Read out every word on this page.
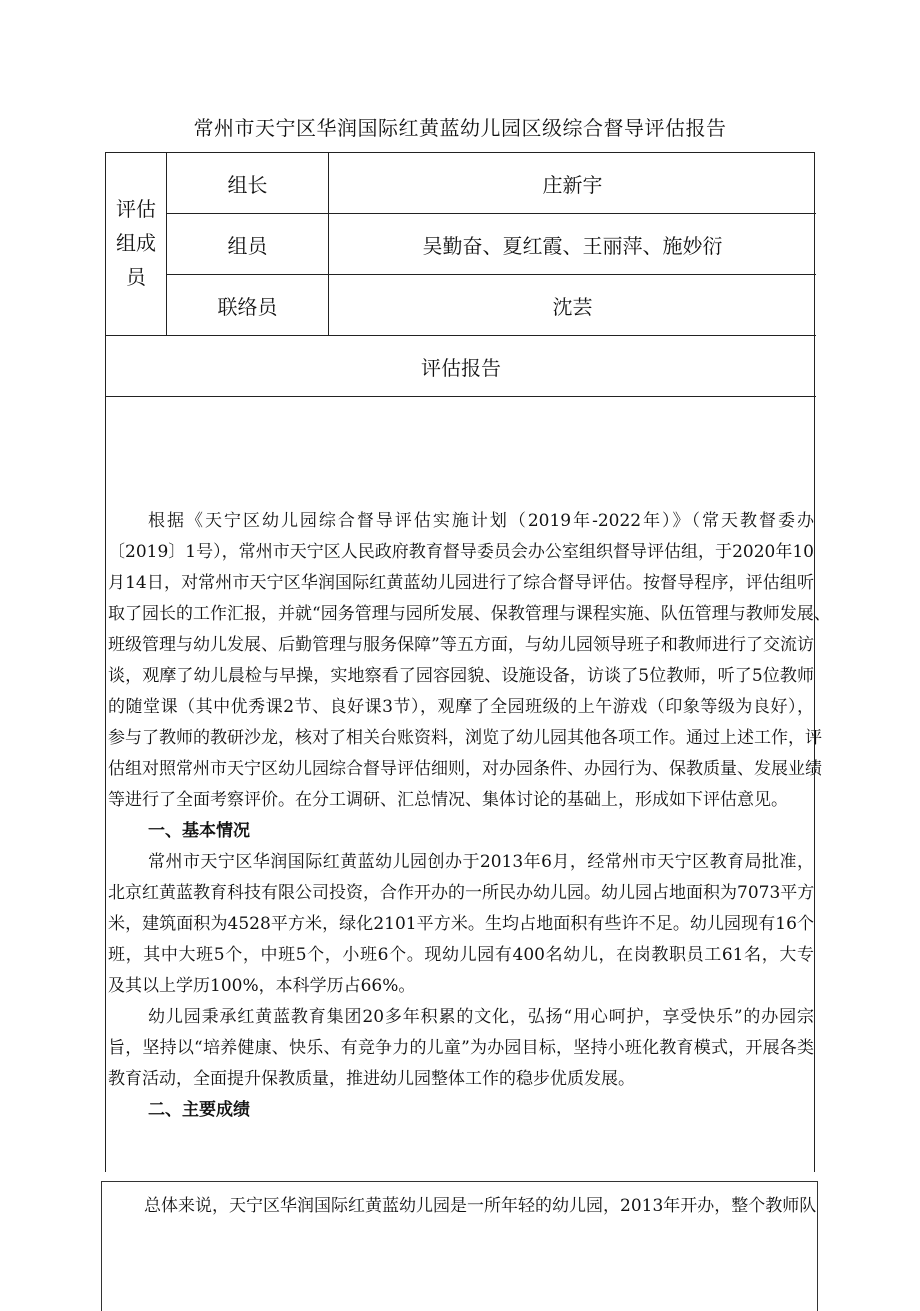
常州市天宁区华润国际红黄蓝幼儿园区级综合督导评估报告
评估组成员
组长	庄新宇
组员	吴勤奋、夏红霞、王丽萍、施妙衍
联络员	沈芸
评估报告
根据《天宁区幼儿园综合督导评估实施计划（2019年-2022年）》（常天教督委办
〔2019〕1号），常州市天宁区人民政府教育督导委员会办公室组织督导评估组，于2020年10
月14日，对常州市天宁区华润国际红黄蓝幼儿园进行了综合督导评估。按督导程序，评估组听
取了园长的工作汇报，并就“园务管理与园所发展、保教管理与课程实施、队伍管理与教师发展、
班级管理与幼儿发展、后勤管理与服务保障”等五方面，与幼儿园领导班子和教师进行了交流访
谈，观摩了幼儿晨检与早操，实地察看了园容园貌、设施设备，访谈了5位教师，听了5位教师
的随堂课（其中优秀课2节、良好课3节），观摩了全园班级的上午游戏（印象等级为良好），
参与了教师的教研沙龙，核对了相关台账资料，浏览了幼儿园其他各项工作。通过上述工作，评
估组对照常州市天宁区幼儿园综合督导评估细则，对办园条件、办园行为、保教质量、发展业绩
等进行了全面考察评价。在分工调研、汇总情况、集体讨论的基础上，形成如下评估意见。
一、基本情况
常州市天宁区华润国际红黄蓝幼儿园创办于2013年6月，经常州市天宁区教育局批准，
北京红黄蓝教育科技有限公司投资，合作开办的一所民办幼儿园。幼儿园占地面积为7073平方
米，建筑面积为4528平方米，绿化2101平方米。生均占地面积有些许不足。幼儿园现有16个
班，其中大班5个，中班5个，小班6个。现幼儿园有400名幼儿，在岗教职员工61名，大专
及其以上学历100%，本科学历占66%。
幼儿园秉承红黄蓝教育集团20多年积累的文化，弘扬“用心呵护，享受快乐”的办园宗
旨，坚持以“培养健康、快乐、有竞争力的儿童”为办园目标，坚持小班化教育模式，开展各类
教育活动，全面提升保教质量，推进幼儿园整体工作的稳步优质发展。
二、主要成绩
总体来说，天宁区华润国际红黄蓝幼儿园是一所年轻的幼儿园，2013年开办，整个教师队
